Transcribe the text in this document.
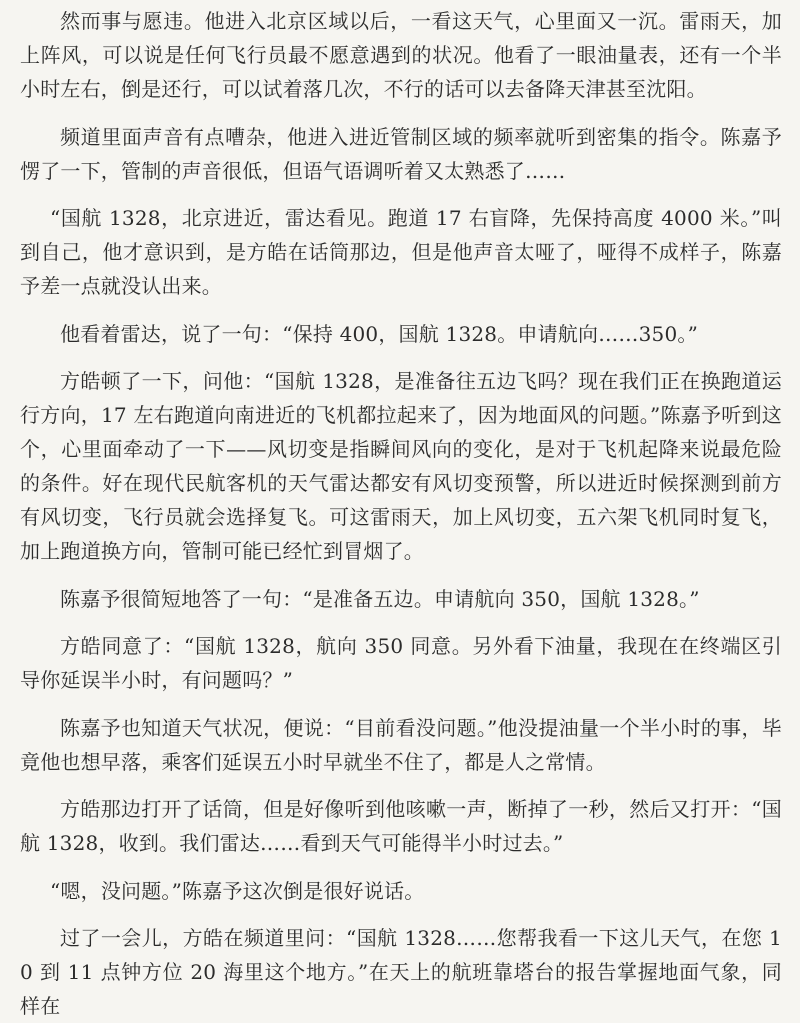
然而事与愿违。他进入北京区域以后，一看这天气，心里面又一沉。雷雨天，加上阵风，可以说是任何飞行员最不愿意遇到的状况。他看了一眼油量表，还有一个半小时左右，倒是还行，可以试着落几次，不行的话可以去备降天津甚至沈阳。

频道里面声音有点嘈杂，他进入进近管制区域的频率就听到密集的指令。陈嘉予愣了一下，管制的声音很低，但语气语调听着又太熟悉了……

“国航 1328，北京进近，雷达看见。跑道 17 右盲降，先保持高度 4000 米。”叫到自己，他才意识到，是方皓在话筒那边，但是他声音太哑了，哑得不成样子，陈嘉予差一点就没认出来。

他看着雷达，说了一句：“保持 400，国航 1328。申请航向……350。”

方皓顿了一下，问他：“国航 1328，是准备往五边飞吗？现在我们正在换跑道运行方向，17 左右跑道向南进近的飞机都拉起来了，因为地面风的问题。”陈嘉予听到这个，心里面牵动了一下——风切变是指瞬间风向的变化，是对于飞机起降来说最危险的条件。好在现代民航客机的天气雷达都安有风切变预警，所以进近时候探测到前方有风切变，飞行员就会选择复飞。可这雷雨天，加上风切变，五六架飞机同时复飞，加上跑道换方向，管制可能已经忙到冒烟了。

陈嘉予很简短地答了一句：“是准备五边。申请航向 350，国航 1328。”

方皓同意了：“国航 1328，航向 350 同意。另外看下油量，我现在在终端区引导你延误半小时，有问题吗？”

陈嘉予也知道天气状况，便说：“目前看没问题。”他没提油量一个半小时的事，毕竟他也想早落，乘客们延误五小时早就坐不住了，都是人之常情。

方皓那边打开了话筒，但是好像听到他咳嗽一声，断掉了一秒，然后又打开：“国航 1328，收到。我们雷达……看到天气可能得半小时过去。”

“嗯，没问题。”陈嘉予这次倒是很好说话。

过了一会儿，方皓在频道里问：“国航 1328……您帮我看一下这儿天气，在您 10 到 11 点钟方位 20 海里这个地方。”在天上的航班靠塔台的报告掌握地面气象，同样在
